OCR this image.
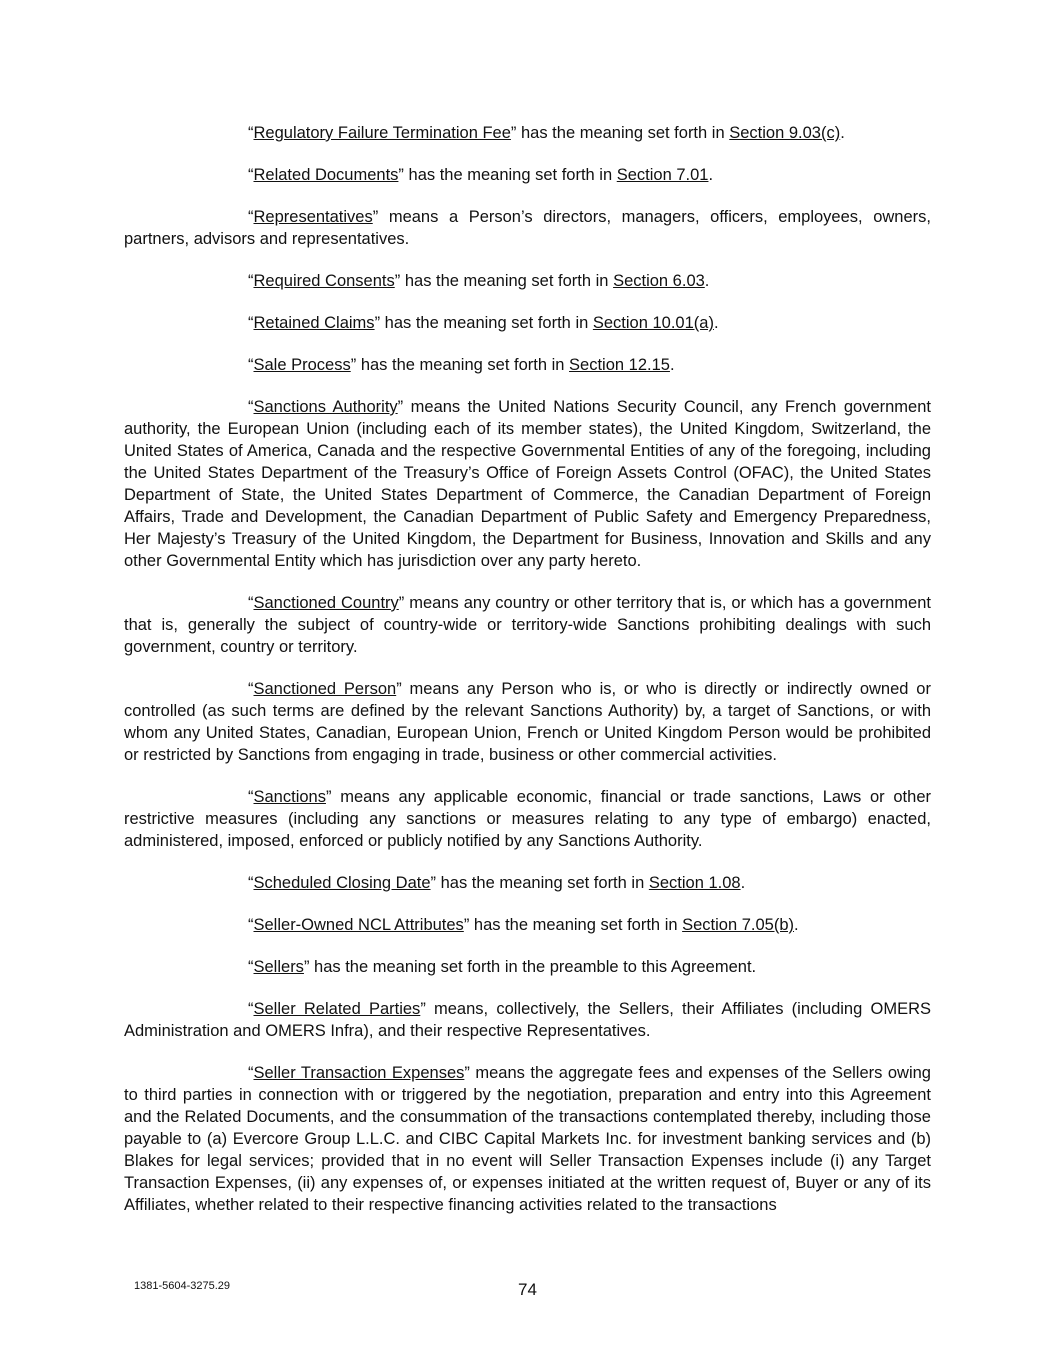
“Regulatory Failure Termination Fee” has the meaning set forth in Section 9.03(c).

“Related Documents” has the meaning set forth in Section 7.01.

“Representatives” means a Person’s directors, managers, officers, employees, owners, partners, advisors and representatives.

“Required Consents” has the meaning set forth in Section 6.03.

“Retained Claims” has the meaning set forth in Section 10.01(a).

“Sale Process” has the meaning set forth in Section 12.15.

“Sanctions Authority” means the United Nations Security Council, any French government authority, the European Union (including each of its member states), the United Kingdom, Switzerland, the United States of America, Canada and the respective Governmental Entities of any of the foregoing, including the United States Department of the Treasury’s Office of Foreign Assets Control (OFAC), the United States Department of State, the United States Department of Commerce, the Canadian Department of Foreign Affairs, Trade and Development, the Canadian Department of Public Safety and Emergency Preparedness, Her Majesty’s Treasury of the United Kingdom, the Department for Business, Innovation and Skills and any other Governmental Entity which has jurisdiction over any party hereto.

“Sanctioned Country” means any country or other territory that is, or which has a government that is, generally the subject of country-wide or territory-wide Sanctions prohibiting dealings with such government, country or territory.

“Sanctioned Person” means any Person who is, or who is directly or indirectly owned or controlled (as such terms are defined by the relevant Sanctions Authority) by, a target of Sanctions, or with whom any United States, Canadian, European Union, French or United Kingdom Person would be prohibited or restricted by Sanctions from engaging in trade, business or other commercial activities.

“Sanctions” means any applicable economic, financial or trade sanctions, Laws or other restrictive measures (including any sanctions or measures relating to any type of embargo) enacted, administered, imposed, enforced or publicly notified by any Sanctions Authority.

“Scheduled Closing Date” has the meaning set forth in Section 1.08.

“Seller-Owned NCL Attributes” has the meaning set forth in Section 7.05(b).

“Sellers” has the meaning set forth in the preamble to this Agreement.

“Seller Related Parties” means, collectively, the Sellers, their Affiliates (including OMERS Administration and OMERS Infra), and their respective Representatives.

“Seller Transaction Expenses” means the aggregate fees and expenses of the Sellers owing to third parties in connection with or triggered by the negotiation, preparation and entry into this Agreement and the Related Documents, and the consummation of the transactions contemplated thereby, including those payable to (a) Evercore Group L.L.C. and CIBC Capital Markets Inc. for investment banking services and (b) Blakes for legal services; provided that in no event will Seller Transaction Expenses include (i) any Target Transaction Expenses, (ii) any expenses of, or expenses initiated at the written request of, Buyer or any of its Affiliates, whether related to their respective financing activities related to the transactions

1381-5604-3275.29	74
